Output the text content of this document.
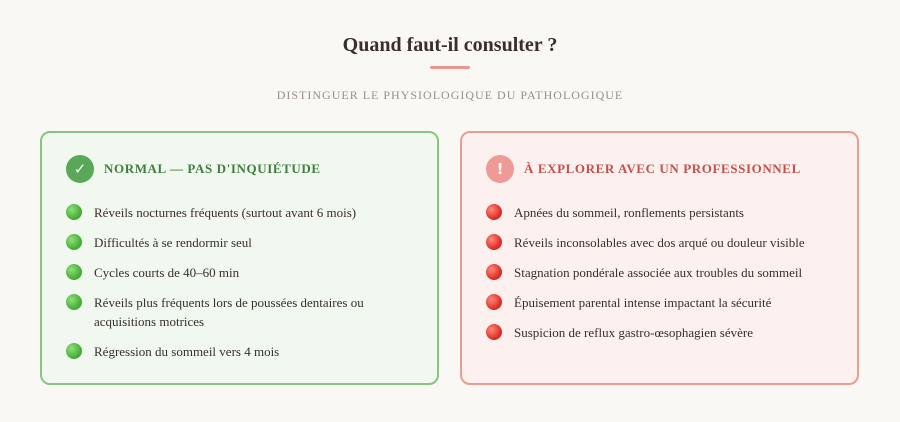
Quand faut-il consulter ?
DISTINGUER LE PHYSIOLOGIQUE DU PATHOLOGIQUE
✓	NORMAL — PAS D'INQUIÉTUDE
Réveils nocturnes fréquents (surtout avant 6 mois)
Difficultés à se rendormir seul
Cycles courts de 40–60 min
Réveils plus fréquents lors de poussées dentaires ou acquisitions motrices
Régression du sommeil vers 4 mois
!	À EXPLORER AVEC UN PROFESSIONNEL
Apnées du sommeil, ronflements persistants
Réveils inconsolables avec dos arqué ou douleur visible
Stagnation pondérale associée aux troubles du sommeil
Épuisement parental intense impactant la sécurité
Suspicion de reflux gastro-œsophagien sévère
